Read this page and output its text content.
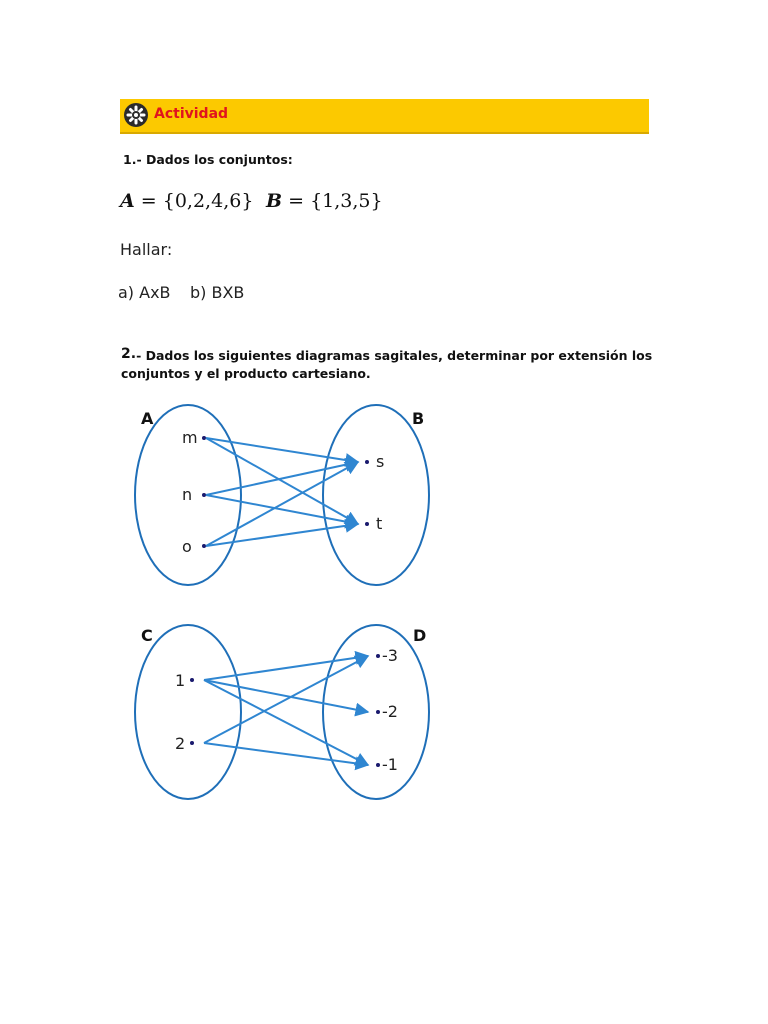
Actividad
1.- Dados los conjuntos:
A = {0,2,4,6} B = {1,3,5}
Hallar:
a) AxB b) BXB
2.- Dados los siguientes diagramas sagitales, determinar por extensión los
conjuntos y el producto cartesiano.
A	B
m
n
o
s
t
C	D
1
2
-3
-2
-1
